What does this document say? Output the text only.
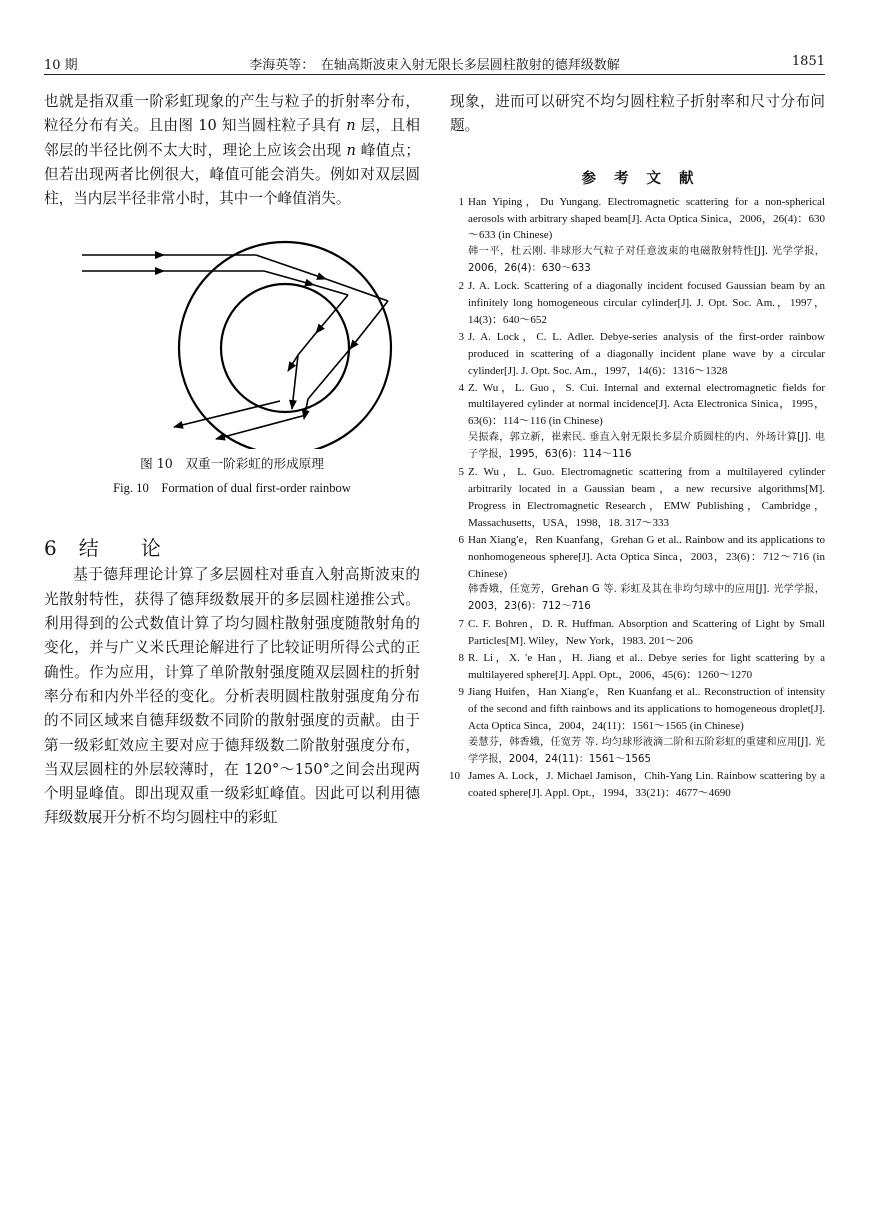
10 期	李海英等：　在轴高斯波束入射无限长多层圆柱散射的德拜级数解	1851

也就是指双重一阶彩虹现象的产生与粒子的折射率分布，粒径分布有关。且由图 10 知当圆柱粒子具有 n 层，且相邻层的半径比例不太大时，理论上应该会出现 n 峰值点；但若出现两者比例很大，峰值可能会消失。例如对双层圆柱，当内层半径非常小时，其中一个峰值消失。

图 10　双重一阶彩虹的形成原理
Fig. 10　Formation of dual first-order rainbow
6 结 论

基于德拜理论计算了多层圆柱对垂直入射高斯波束的光散射特性，获得了德拜级数展开的多层圆柱递推公式。利用得到的公式数值计算了均匀圆柱散射强度随散射角的变化，并与广义米氏理论解进行了比较证明所得公式的正确性。作为应用，计算了单阶散射强度随双层圆柱的折射率分布和内外半径的变化。分析表明圆柱散射强度角分布的不同区域来自德拜级数不同阶的散射强度的贡献。由于第一级彩虹效应主要对应于德拜级数二阶散射强度分布，当双层圆柱的外层较薄时，在 120°～150°之间会出现两个明显峰值。即出现双重一级彩虹峰值。因此可以利用德拜级数展开分析不均匀圆柱中的彩虹

现象，进而可以研究不均匀圆柱粒子折射率和尺寸分布问题。

参考文献

1 Han Yiping，Du Yungang. Electromagnetic scattering for a non-spherical aerosols with arbitrary shaped beam[J]. Acta Optica Sinica，2006，26(4)：630～633 (in Chinese)
韩一平，杜云刚. 非球形大气粒子对任意波束的电磁散射特性[J]. 光学学报，2006，26(4)：630～633

2 J. A. Lock. Scattering of a diagonally incident focused Gaussian beam by an infinitely long homogeneous circular cylinder[J]. J. Opt. Soc. Am.，1997，14(3)：640～652

3 J. A. Lock，C. L. Adler. Debye-series analysis of the first-order rainbow produced in scattering of a diagonally incident plane wave by a circular cylinder[J]. J. Opt. Soc. Am.，1997，14(6)：1316～1328

4 Z. Wu，L. Guo，S. Cui. Internal and external electromagnetic fields for multilayered cylinder at normal incidence[J]. Acta Electronica Sinica，1995，63(6)：114～116 (in Chinese)
吴振森，郭立新，崔索民. 垂直入射无限长多层介质圆柱的内、外场计算[J]. 电子学报，1995，63(6)：114～116

5 Z. Wu，L. Guo. Electromagnetic scattering from a multilayered cylinder arbitrarily located in a Gaussian beam，a new recursive algorithms[M]. Progress in Electromagnetic Research，EMW Publishing，Cambridge，Massachusetts，USA，1998，18. 317～333

6 Han Xiang′e，Ren Kuanfang，Grehan G et al.. Rainbow and its applications to nonhomogeneous sphere[J]. Acta Optica Sinca，2003，23(6)：712～716 (in Chinese)
韩香娥，任宽芳，Grehan G 等. 彩虹及其在非均匀球中的应用[J]. 光学学报，2003，23(6)：712～716

7 C. F. Bohren，D. R. Huffman. Absorption and Scattering of Light by Small Particles[M]. Wiley，New York，1983. 201～206

8 R. Li，X. ′e Han，H. Jiang et al.. Debye series for light scattering by a multilayered sphere[J]. Appl. Opt.，2006，45(6)：1260～1270

9 Jiang Huifen，Han Xiang′e，Ren Kuanfang et al.. Reconstruction of intensity of the second and fifth rainbows and its applications to homogeneous droplet[J]. Acta Optica Sinca，2004，24(11)：1561～1565 (in Chinese)
姜慧芬，韩香娥，任宽芳 等. 均匀球形液滴二阶和五阶彩虹的重建和应用[J]. 光学学报，2004，24(11)：1561～1565

10 James A. Lock，J. Michael Jamison，Chih-Yang Lin. Rainbow scattering by a coated sphere[J]. Appl. Opt.，1994，33(21)：4677～4690
